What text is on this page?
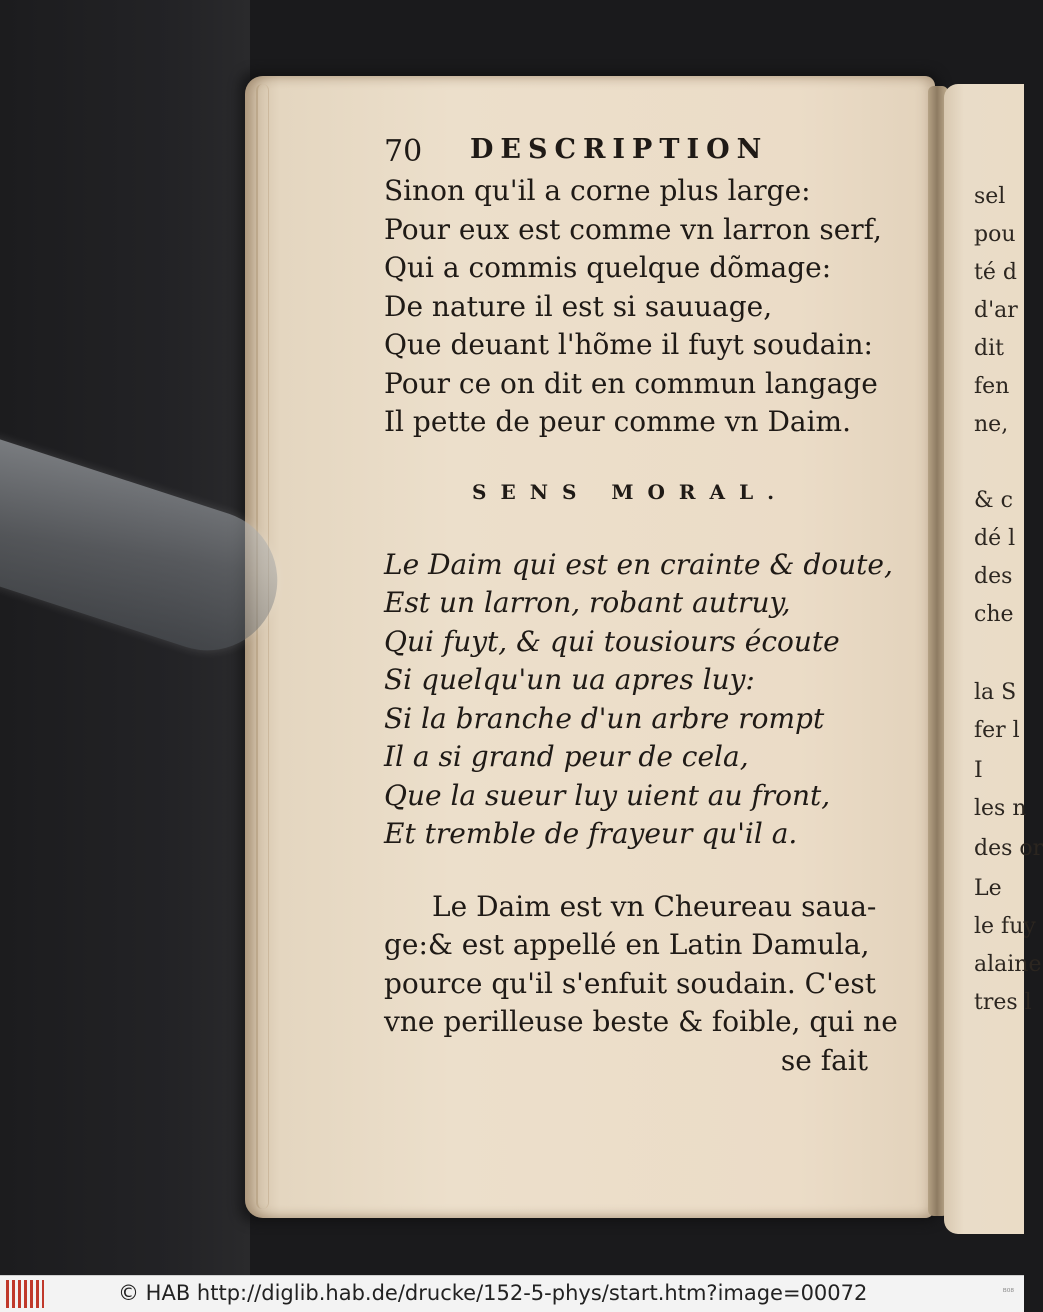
sel
pou
té d
d'ar
dit
fen
ne,
& c
dé l
des
che
la S
fer l
I
les n
des or
Le
le fuy
alaine
tres l
70 DESCRIPTION
Sinon qu'il a corne plus large:
Pour eux est comme vn larron serf,
Qui a commis quelque dõmage:
De nature il est si sauuage,
Que deuant l'hõme il fuyt soudain:
Pour ce on dit en commun langage
Il pette de peur comme vn Daim.
SENS MORAL.
Le Daim qui est en crainte & doute,
Est un larron, robant autruy,
Qui fuyt, & qui tousiours écoute
Si quelqu'un ua apres luy:
Si la branche d'un arbre rompt
Il a si grand peur de cela,
Que la sueur luy uient au front,
Et tremble de frayeur qu'il a.
Le Daim est vn Cheureau saua-
ge:& est appellé en Latin Damula,
pource qu'il s'enfuit soudain. C'est
vne perilleuse beste & foible, qui ne
se fait
© HAB http://diglib.hab.de/drucke/152-5-phys/start.htm?image=00072	ᴮ⁰⁸
